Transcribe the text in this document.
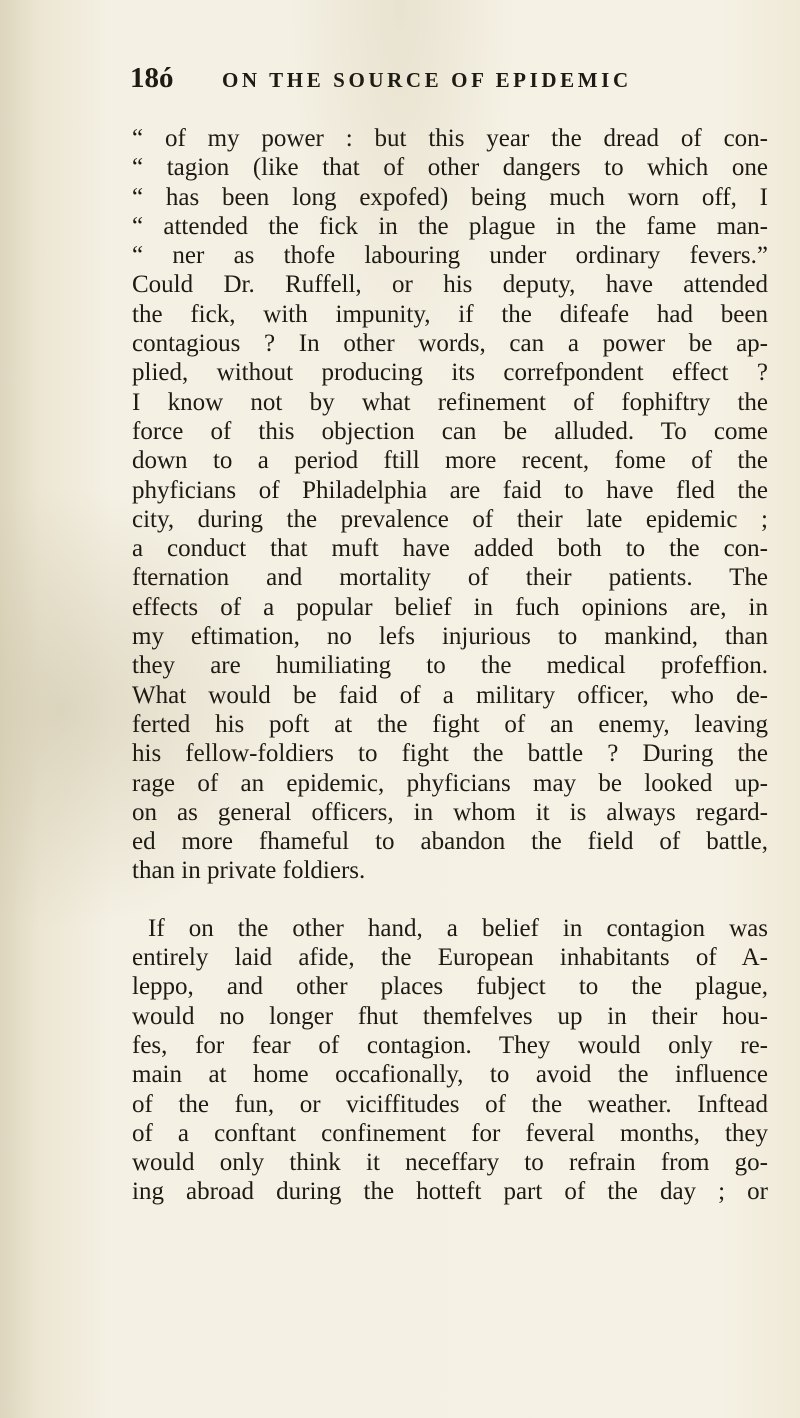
18ó ON THE SOURCE OF EPIDEMIC
“ of my power : but this year the dread of con-
“ tagion (like that of other dangers to which one
“ has been long expofed) being much worn off, I
“ attended the fick in the plague in the fame man-
“ ner as thofe labouring under ordinary fevers.”
Could Dr. Ruffell, or his deputy, have attended
the fick, with impunity, if the difeafe had been
contagious ? In other words, can a power be ap-
plied, without producing its correfpondent effect ?
I know not by what refinement of fophiftry the
force of this objection can be alluded. To come
down to a period ftill more recent, fome of the
phyficians of Philadelphia are faid to have fled the
city, during the prevalence of their late epidemic ;
a conduct that muft have added both to the con-
fternation and mortality of their patients. The
effects of a popular belief in fuch opinions are, in
my eftimation, no lefs injurious to mankind, than
they are humiliating to the medical profeffion.
What would be faid of a military officer, who de-
ferted his poft at the fight of an enemy, leaving
his fellow-foldiers to fight the battle ? During the
rage of an epidemic, phyficians may be looked up-
on as general officers, in whom it is always regard-
ed more fhameful to abandon the field of battle,
than in private foldiers.
If on the other hand, a belief in contagion was
entirely laid afide, the European inhabitants of A-
leppo, and other places fubject to the plague,
would no longer fhut themfelves up in their hou-
fes, for fear of contagion. They would only re-
main at home occafionally, to avoid the influence
of the fun, or viciffitudes of the weather. Inftead
of a conftant confinement for feveral months, they
would only think it neceffary to refrain from go-
ing abroad during the hotteft part of the day ; or
